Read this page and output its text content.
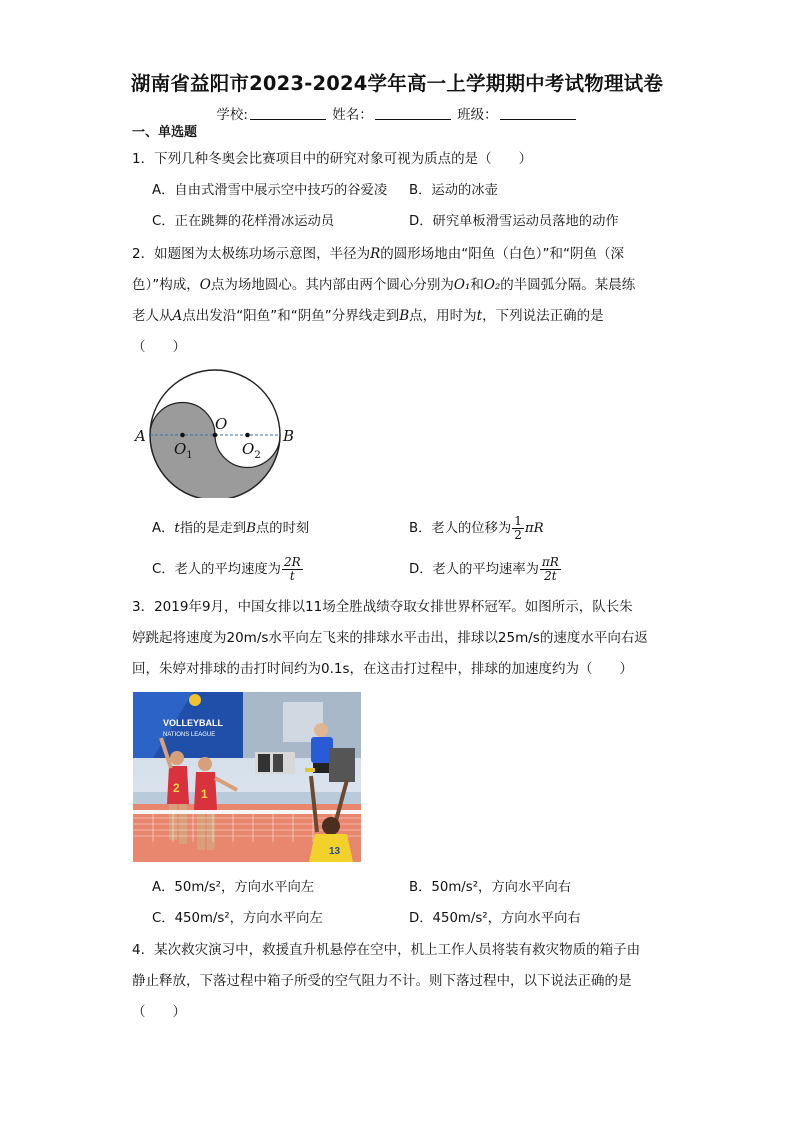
湖南省益阳市2023-2024学年高一上学期期中考试物理试卷
学校:	姓名：	班级：
一、单选题
1．下列几种冬奥会比赛项目中的研究对象可视为质点的是（　　）
A．自由式滑雪中展示空中技巧的谷爱凌 B．运动的冰壶
C．正在跳舞的花样滑冰运动员	D．研究单板滑雪运动员落地的动作
2．如题图为太极练功场示意图，半径为R的圆形场地由“阳鱼（白色）”和“阴鱼（深
色）”构成，O点为场地圆心。其内部由两个圆心分别为O₁和O₂的半圆弧分隔。某晨练
老人从A点出发沿“阳鱼”和“阴鱼”分界线走到B点，用时为t，下列说法正确的是
（　　）
A	B
O
$O_1$	$O_2$
A．t指的是走到B点的时刻	B．老人的位移为 $\frac{1}{2}$ πR
C．老人的平均速度为 $\frac{2R}{t}$	D．老人的平均速率为 $\frac{\pi R}{2t}$
3．2019年9月，中国女排以11场全胜战绩夺取女排世界杯冠军。如图所示，队长朱
婷跳起将速度为20m/s水平向左飞来的排球水平击出，排球以25m/s的速度水平向右返
回，朱婷对排球的击打时间约为0.1s，在这击打过程中，排球的加速度约为（　　）
VOLLEYBALL
NATIONS LEAGUE
2 1
13
A．50m/s²，方向水平向左	B．50m/s²，方向水平向右
C．450m/s²，方向水平向左	D．450m/s²，方向水平向右
4．某次救灾演习中，救援直升机悬停在空中，机上工作人员将装有救灾物质的箱子由
静止释放，下落过程中箱子所受的空气阻力不计。则下落过程中，以下说法正确的是
（　　）
